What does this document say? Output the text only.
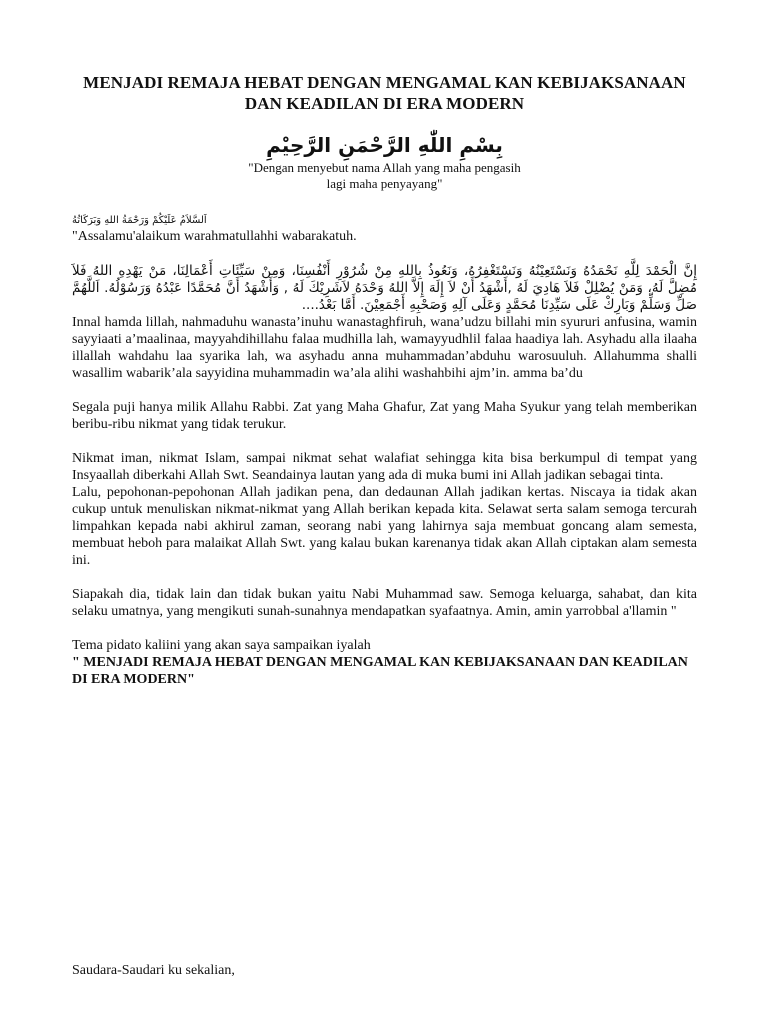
MENJADI REMAJA HEBAT DENGAN MENGAMAL KAN KEBIJAKSANAAN DAN KEADILAN DI ERA MODERN
بِسْمِ اللّٰهِ الرَّحْمَنِ الرَّحِيْمِ
"Dengan menyebut nama Allah yang maha pengasih
lagi maha penyayang"
اَلسَّلاَمُ عَلَيْكُمْ وَرَحْمَةُ اللهِ وَبَرَكَاتُهُ

"Assalamu'alaikum warahmatullahhi wabarakatuh.

إِنَّ الْحَمْدَ لِلَّهِ نَحْمَدُهُ وَنَسْتَعِيْنُهُ وَنَسْتَغْفِرُهُ، وَنَعُوذُ بِاللهِ مِنْ شُرُوْرِ أَنْفُسِنَا، وَمِنْ سَيِّئَاتِ أَعْمَالِنَا، مَنْ يَهْدِهِ اللهُ فَلاَ مُضِلَّ لَهُ، وَمَنْ يُضْلِلْ فَلاَ هَادِيَ لَهُ ,أَشْهَدُ أَنْ لاَ إِلَهَ إِلاَّ اللهُ وَحْدَهُ لاَشَرِيْكَ لَهُ , وَأَشْهَدُ أَنَّ مُحَمَّدًا عَبْدُهُ وَرَسُوْلُهُ. اَللَّهُمَّ صَلِّ وَسَلِّمْ وَبَارِكْ عَلَى سَيِّدِنَا مُحَمَّدٍ وَعَلَى آلِهِ وَصَحْبِهِ أَجْمَعِيْنَ. أَمَّا بَعْدُ....

Innal hamda lillah, nahmaduhu wanasta’inuhu wanastaghfiruh, wana’udzu billahi min syururi anfusina, wamin sayyiaati a’maalinaa, mayyahdihillahu falaa mudhilla lah, wamayyudhlil falaa haadiya lah. Asyhadu alla ilaaha illallah wahdahu laa syarika lah, wa asyhadu anna muhammadan’abduhu warosuuluh. Allahumma shalli wasallim wabarik’ala sayyidina muhammadin wa’ala alihi washahbihi ajm’in. amma ba’du

Segala puji hanya milik Allahu Rabbi. Zat yang Maha Ghafur, Zat yang Maha Syukur yang telah memberikan beribu-ribu nikmat yang tidak terukur.

Nikmat iman, nikmat Islam, sampai nikmat sehat walafiat sehingga kita bisa berkumpul di tempat yang Insyaallah diberkahi Allah Swt. Seandainya lautan yang ada di muka bumi ini Allah jadikan sebagai tinta.

Lalu, pepohonan-pepohonan Allah jadikan pena, dan dedaunan Allah jadikan kertas. Niscaya ia tidak akan cukup untuk menuliskan nikmat-nikmat yang Allah berikan kepada kita. Selawat serta salam semoga tercurah limpahkan kepada nabi akhirul zaman, seorang nabi yang lahirnya saja membuat goncang alam semesta, membuat heboh para malaikat Allah Swt. yang kalau bukan karenanya tidak akan Allah ciptakan alam semesta ini.

Siapakah dia, tidak lain dan tidak bukan yaitu Nabi Muhammad saw. Semoga keluarga, sahabat, dan kita selaku umatnya, yang mengikuti sunah-sunahnya mendapatkan syafaatnya. Amin, amin yarrobbal a'llamin "

Tema pidato kaliini yang akan saya sampaikan iyalah

" MENJADI REMAJA HEBAT DENGAN MENGAMAL KAN KEBIJAKSANAAN DAN KEADILAN DI ERA MODERN"

Saudara-Saudari ku sekalian,
